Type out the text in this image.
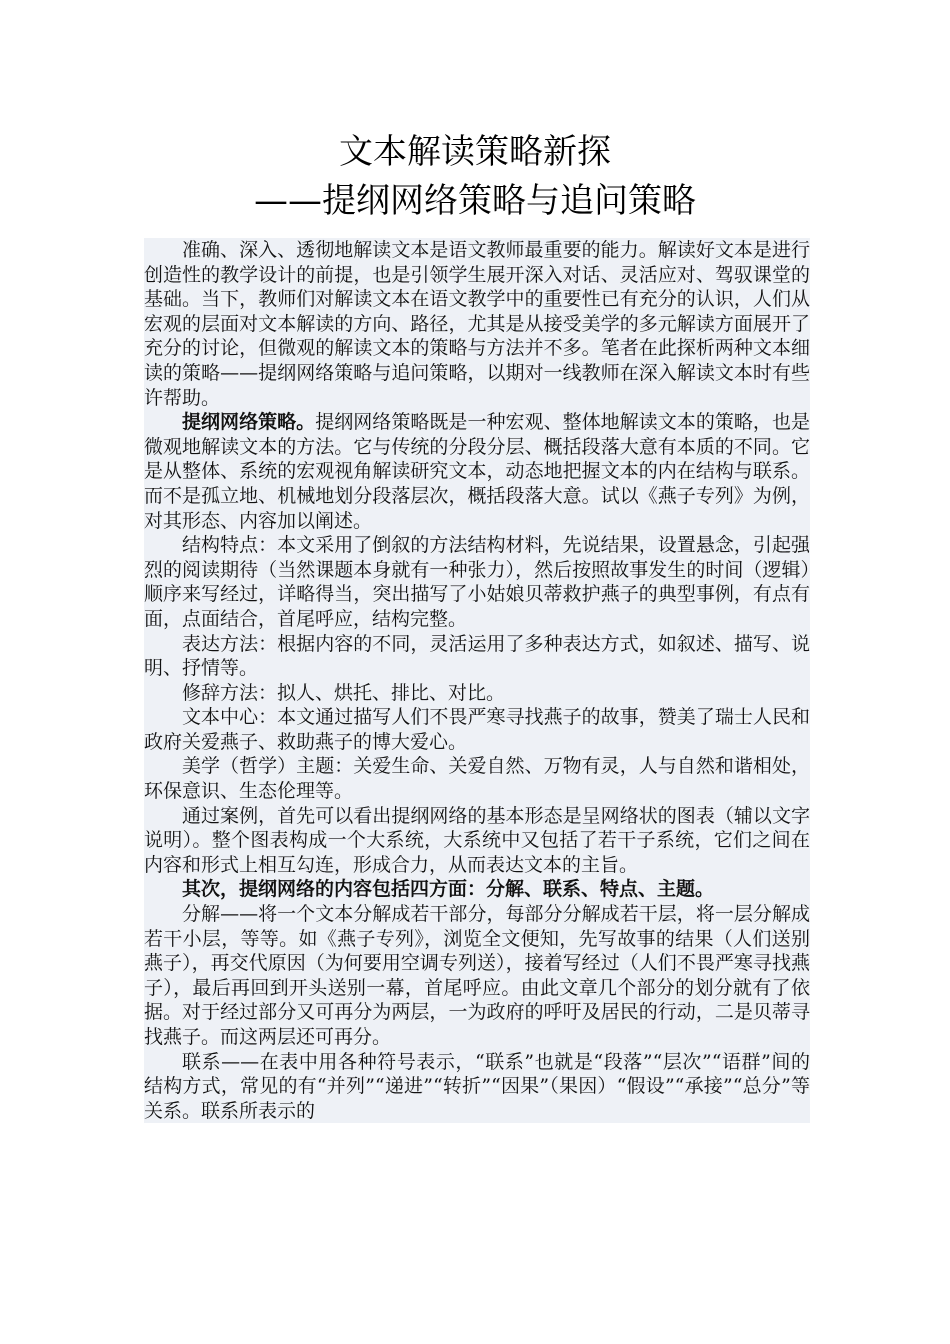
文本解读策略新探
——提纲网络策略与追问策略

准确、深入、透彻地解读文本是语文教师最重要的能力。解读好文本是进行创造性的教学设计的前提，也是引领学生展开深入对话、灵活应对、驾驭课堂的基础。当下，教师们对解读文本在语文教学中的重要性已有充分的认识，人们从宏观的层面对文本解读的方向、路径，尤其是从接受美学的多元解读方面展开了充分的讨论，但微观的解读文本的策略与方法并不多。笔者在此探析两种文本细读的策略——提纲网络策略与追问策略，以期对一线教师在深入解读文本时有些许帮助。

提纲网络策略。提纲网络策略既是一种宏观、整体地解读文本的策略，也是微观地解读文本的方法。它与传统的分段分层、概括段落大意有本质的不同。它是从整体、系统的宏观视角解读研究文本，动态地把握文本的内在结构与联系。而不是孤立地、机械地划分段落层次，概括段落大意。试以《燕子专列》为例，对其形态、内容加以阐述。

结构特点：本文采用了倒叙的方法结构材料，先说结果，设置悬念，引起强烈的阅读期待（当然课题本身就有一种张力），然后按照故事发生的时间（逻辑）顺序来写经过，详略得当，突出描写了小姑娘贝蒂救护燕子的典型事例，有点有面，点面结合，首尾呼应，结构完整。

表达方法：根据内容的不同，灵活运用了多种表达方式，如叙述、描写、说明、抒情等。

修辞方法：拟人、烘托、排比、对比。

文本中心：本文通过描写人们不畏严寒寻找燕子的故事，赞美了瑞士人民和政府关爱燕子、救助燕子的博大爱心。

美学（哲学）主题：关爱生命、关爱自然、万物有灵，人与自然和谐相处，环保意识、生态伦理等。

通过案例，首先可以看出提纲网络的基本形态是呈网络状的图表（辅以文字说明）。整个图表构成一个大系统，大系统中又包括了若干子系统，它们之间在内容和形式上相互勾连，形成合力，从而表达文本的主旨。

其次，提纲网络的内容包括四方面：分解、联系、特点、主题。

分解——将一个文本分解成若干部分，每部分分解成若干层，将一层分解成若干小层，等等。如《燕子专列》，浏览全文便知，先写故事的结果（人们送别燕子），再交代原因（为何要用空调专列送），接着写经过（人们不畏严寒寻找燕子），最后再回到开头送别一幕，首尾呼应。由此文章几个部分的划分就有了依据。对于经过部分又可再分为两层，一为政府的呼吁及居民的行动，二是贝蒂寻找燕子。而这两层还可再分。

联系——在表中用各种符号表示，“联系”也就是“段落”“层次”“语群”间的结构方式，常见的有“并列”“递进”“转折”“因果”（果因）“假设”“承接”“总分”等关系。联系所表示的
